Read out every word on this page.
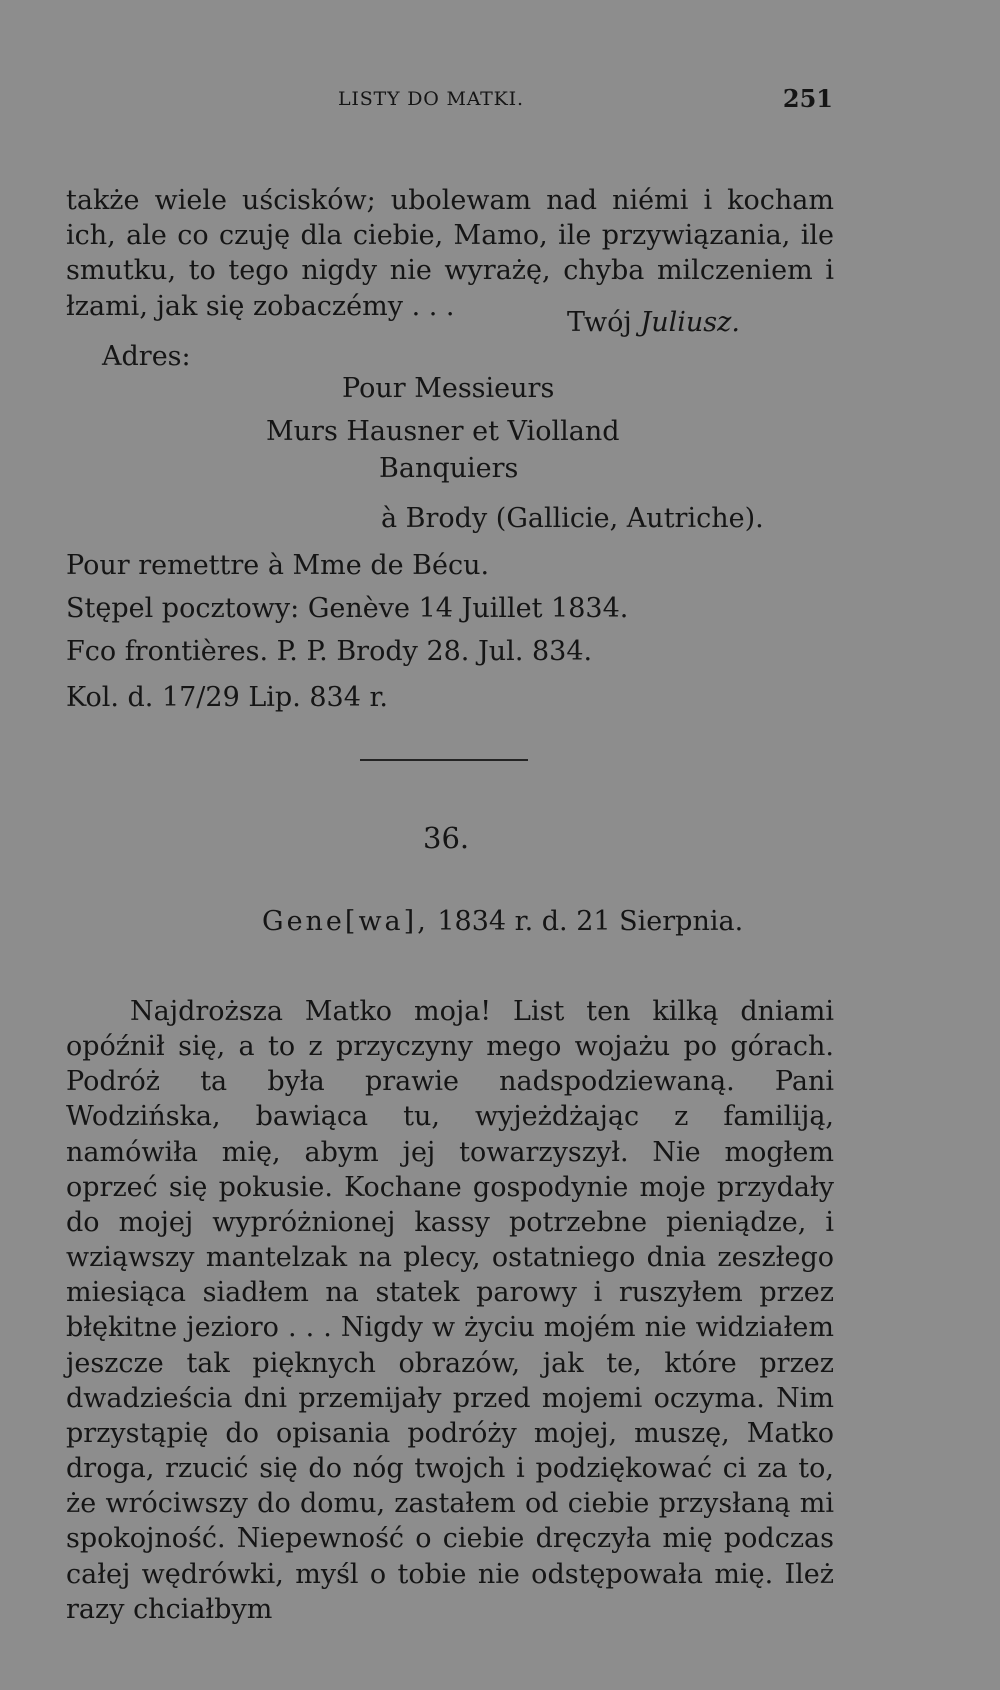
LISTY DO MATKI.	251

także wiele uścisków; ubolewam nad niémi i kocham ich, ale co czuję dla ciebie, Mamo, ile przywiązania, ile smutku, to tego nigdy nie wyrażę, chyba milczeniem i łzami, jak się zobaczémy . . .

Twój Juliusz.
Adres:
Pour Messieurs
Murs Hausner et Violland
Banquiers
à Brody (Gallicie, Autriche).
Pour remettre à Mme de Bécu.
Stępel pocztowy: Genève 14 Juillet 1834.
Fco frontières. P. P. Brody 28. Jul. 834.
Kol. d. 17/29 Lip. 834 r.
36.
Gene[wa], 1834 r. d. 21 Sierpnia.

Najdroższa Matko moja! List ten kilką dniami opóźnił się, a to z przyczyny mego wojażu po górach. Podróż ta była prawie nadspodziewaną. Pani Wodzińska, bawiąca tu, wyjeżdżając z familiją, namówiła mię, abym jej towarzyszył. Nie mogłem oprzeć się pokusie. Kochane gospodynie moje przydały do mojej wypróżnionej kassy potrzebne pieniądze, i wziąwszy mantelzak na plecy, ostatniego dnia zeszłego miesiąca siadłem na statek parowy i ruszyłem przez błękitne jezioro . . . Nigdy w życiu mojém nie widziałem jeszcze tak pięknych obrazów, jak te, które przez dwadzieścia dni przemijały przed mojemi oczyma. Nim przystąpię do opisania podróży mojej, muszę, Matko droga, rzucić się do nóg twojch i podziękować ci za to, że wróciwszy do domu, zastałem od ciebie przysłaną mi spokojność. Niepewność o ciebie dręczyła mię podczas całej wędrówki, myśl o tobie nie odstępowała mię. Ileż razy chciałbym
